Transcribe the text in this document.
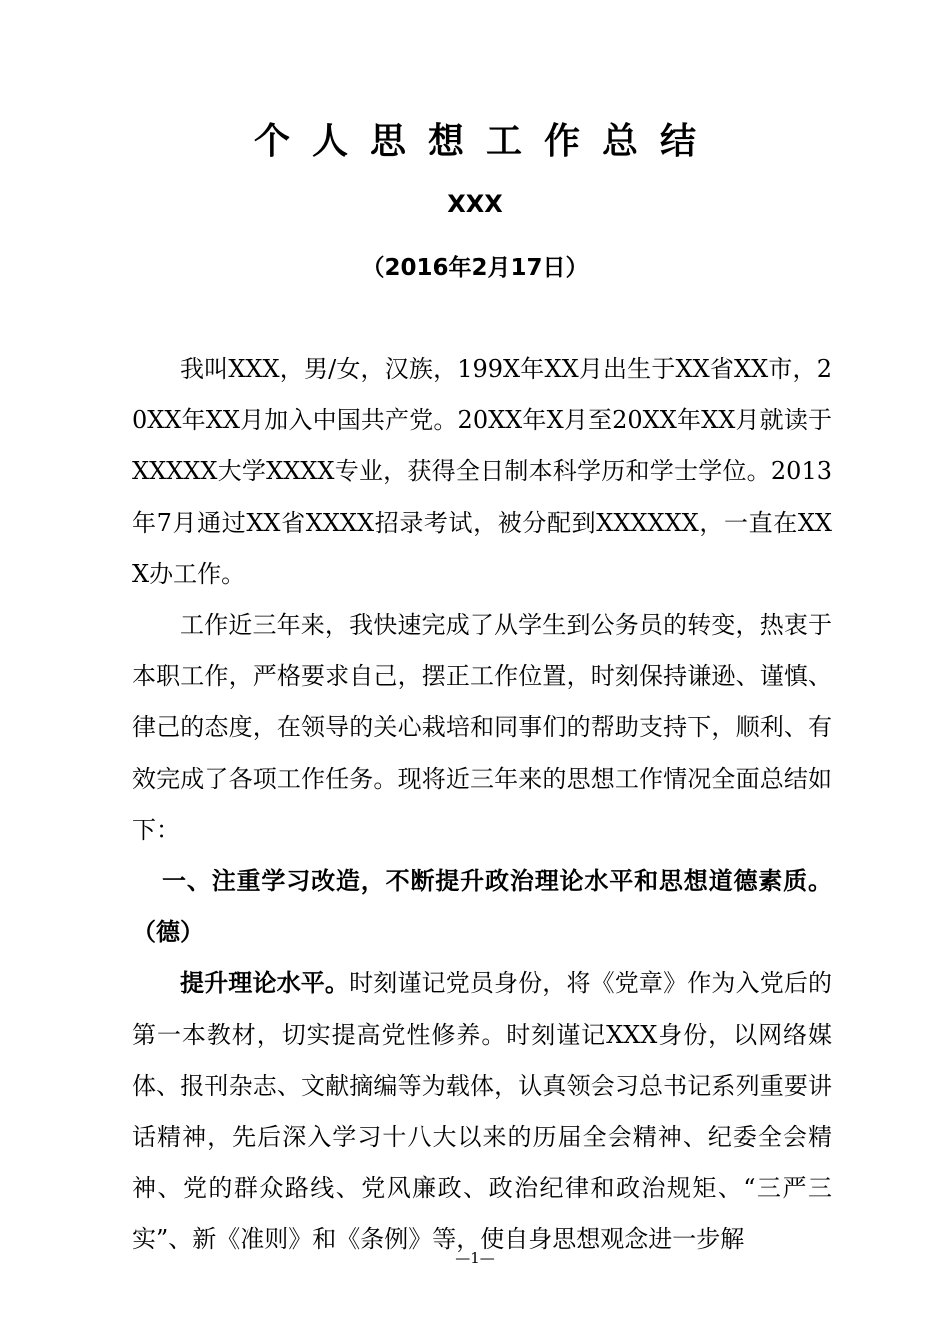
个人思想工作总结
XXX
（2016年2月17日）

我叫XXX，男/女，汉族，199X年XX月出生于XX省XX市，20XX年XX月加入中国共产党。20XX年X月至20XX年XX月就读于XXXXX大学XXXX专业，获得全日制本科学历和学士学位。2013年7月通过XX省XXXX招录考试，被分配到XXXXXX，一直在XXX办工作。

工作近三年来，我快速完成了从学生到公务员的转变，热衷于本职工作，严格要求自己，摆正工作位置，时刻保持谦逊、谨慎、律己的态度，在领导的关心栽培和同事们的帮助支持下，顺利、有效完成了各项工作任务。现将近三年来的思想工作情况全面总结如下：

一、注重学习改造，不断提升政治理论水平和思想道德素质。（德）

提升理论水平。时刻谨记党员身份，将《党章》作为入党后的第一本教材，切实提高党性修养。时刻谨记XXX身份，以网络媒体、报刊杂志、文献摘编等为载体，认真领会习总书记系列重要讲话精神，先后深入学习十八大以来的历届全会精神、纪委全会精神、党的群众路线、党风廉政、政治纪律和政治规矩、“三严三实”、新《准则》和《条例》等，使自身思想观念进一步解

—1—
